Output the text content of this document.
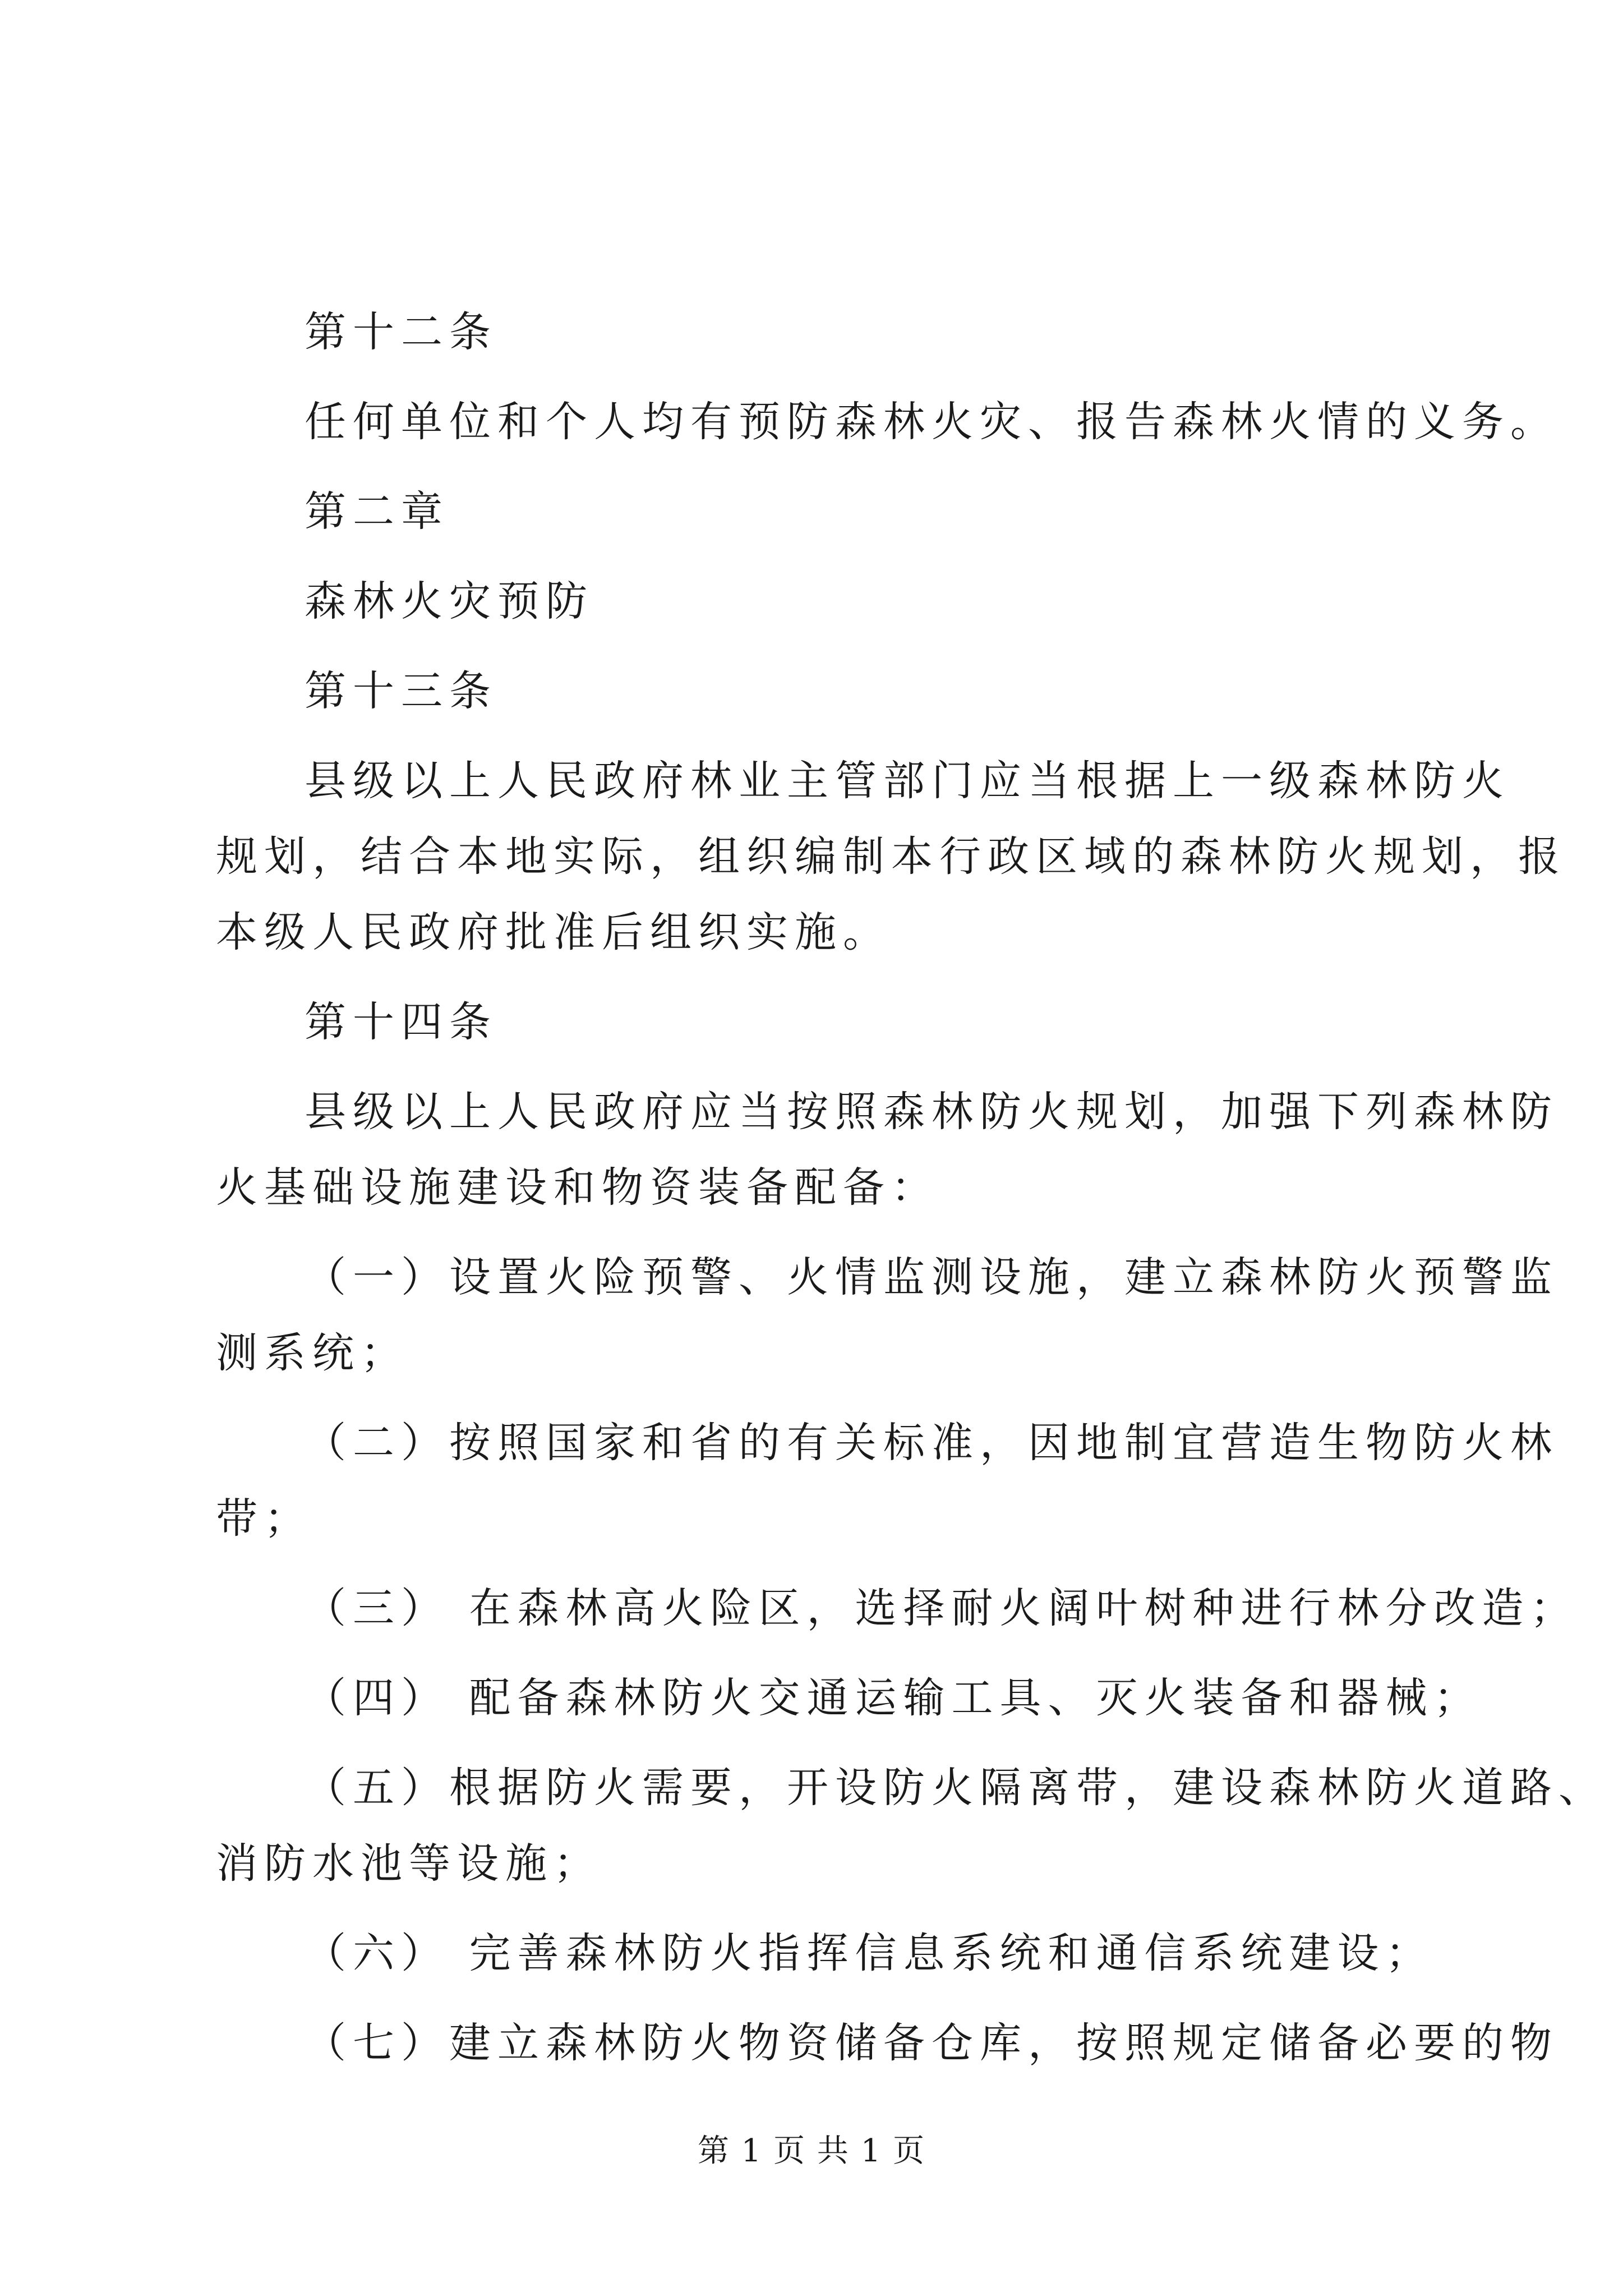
第十二条
任何单位和个人均有预防森林火灾、报告森林火情的义务。
第二章
森林火灾预防
第十三条
县级以上人民政府林业主管部门应当根据上一级森林防火
规划，结合本地实际，组织编制本行政区域的森林防火规划，报
本级人民政府批准后组织实施。
第十四条
县级以上人民政府应当按照森林防火规划，加强下列森林防
火基础设施建设和物资装备配备：
（一）设置火险预警、火情监测设施，建立森林防火预警监
测系统；
（二）按照国家和省的有关标准，因地制宜营造生物防火林
带；
（三） 在森林高火险区，选择耐火阔叶树种进行林分改造；
（四） 配备森林防火交通运输工具、灭火装备和器械；
（五）根据防火需要，开设防火隔离带，建设森林防火道路、
消防水池等设施；
（六） 完善森林防火指挥信息系统和通信系统建设；
（七）建立森林防火物资储备仓库，按照规定储备必要的物
第 1 页 共 1 页
